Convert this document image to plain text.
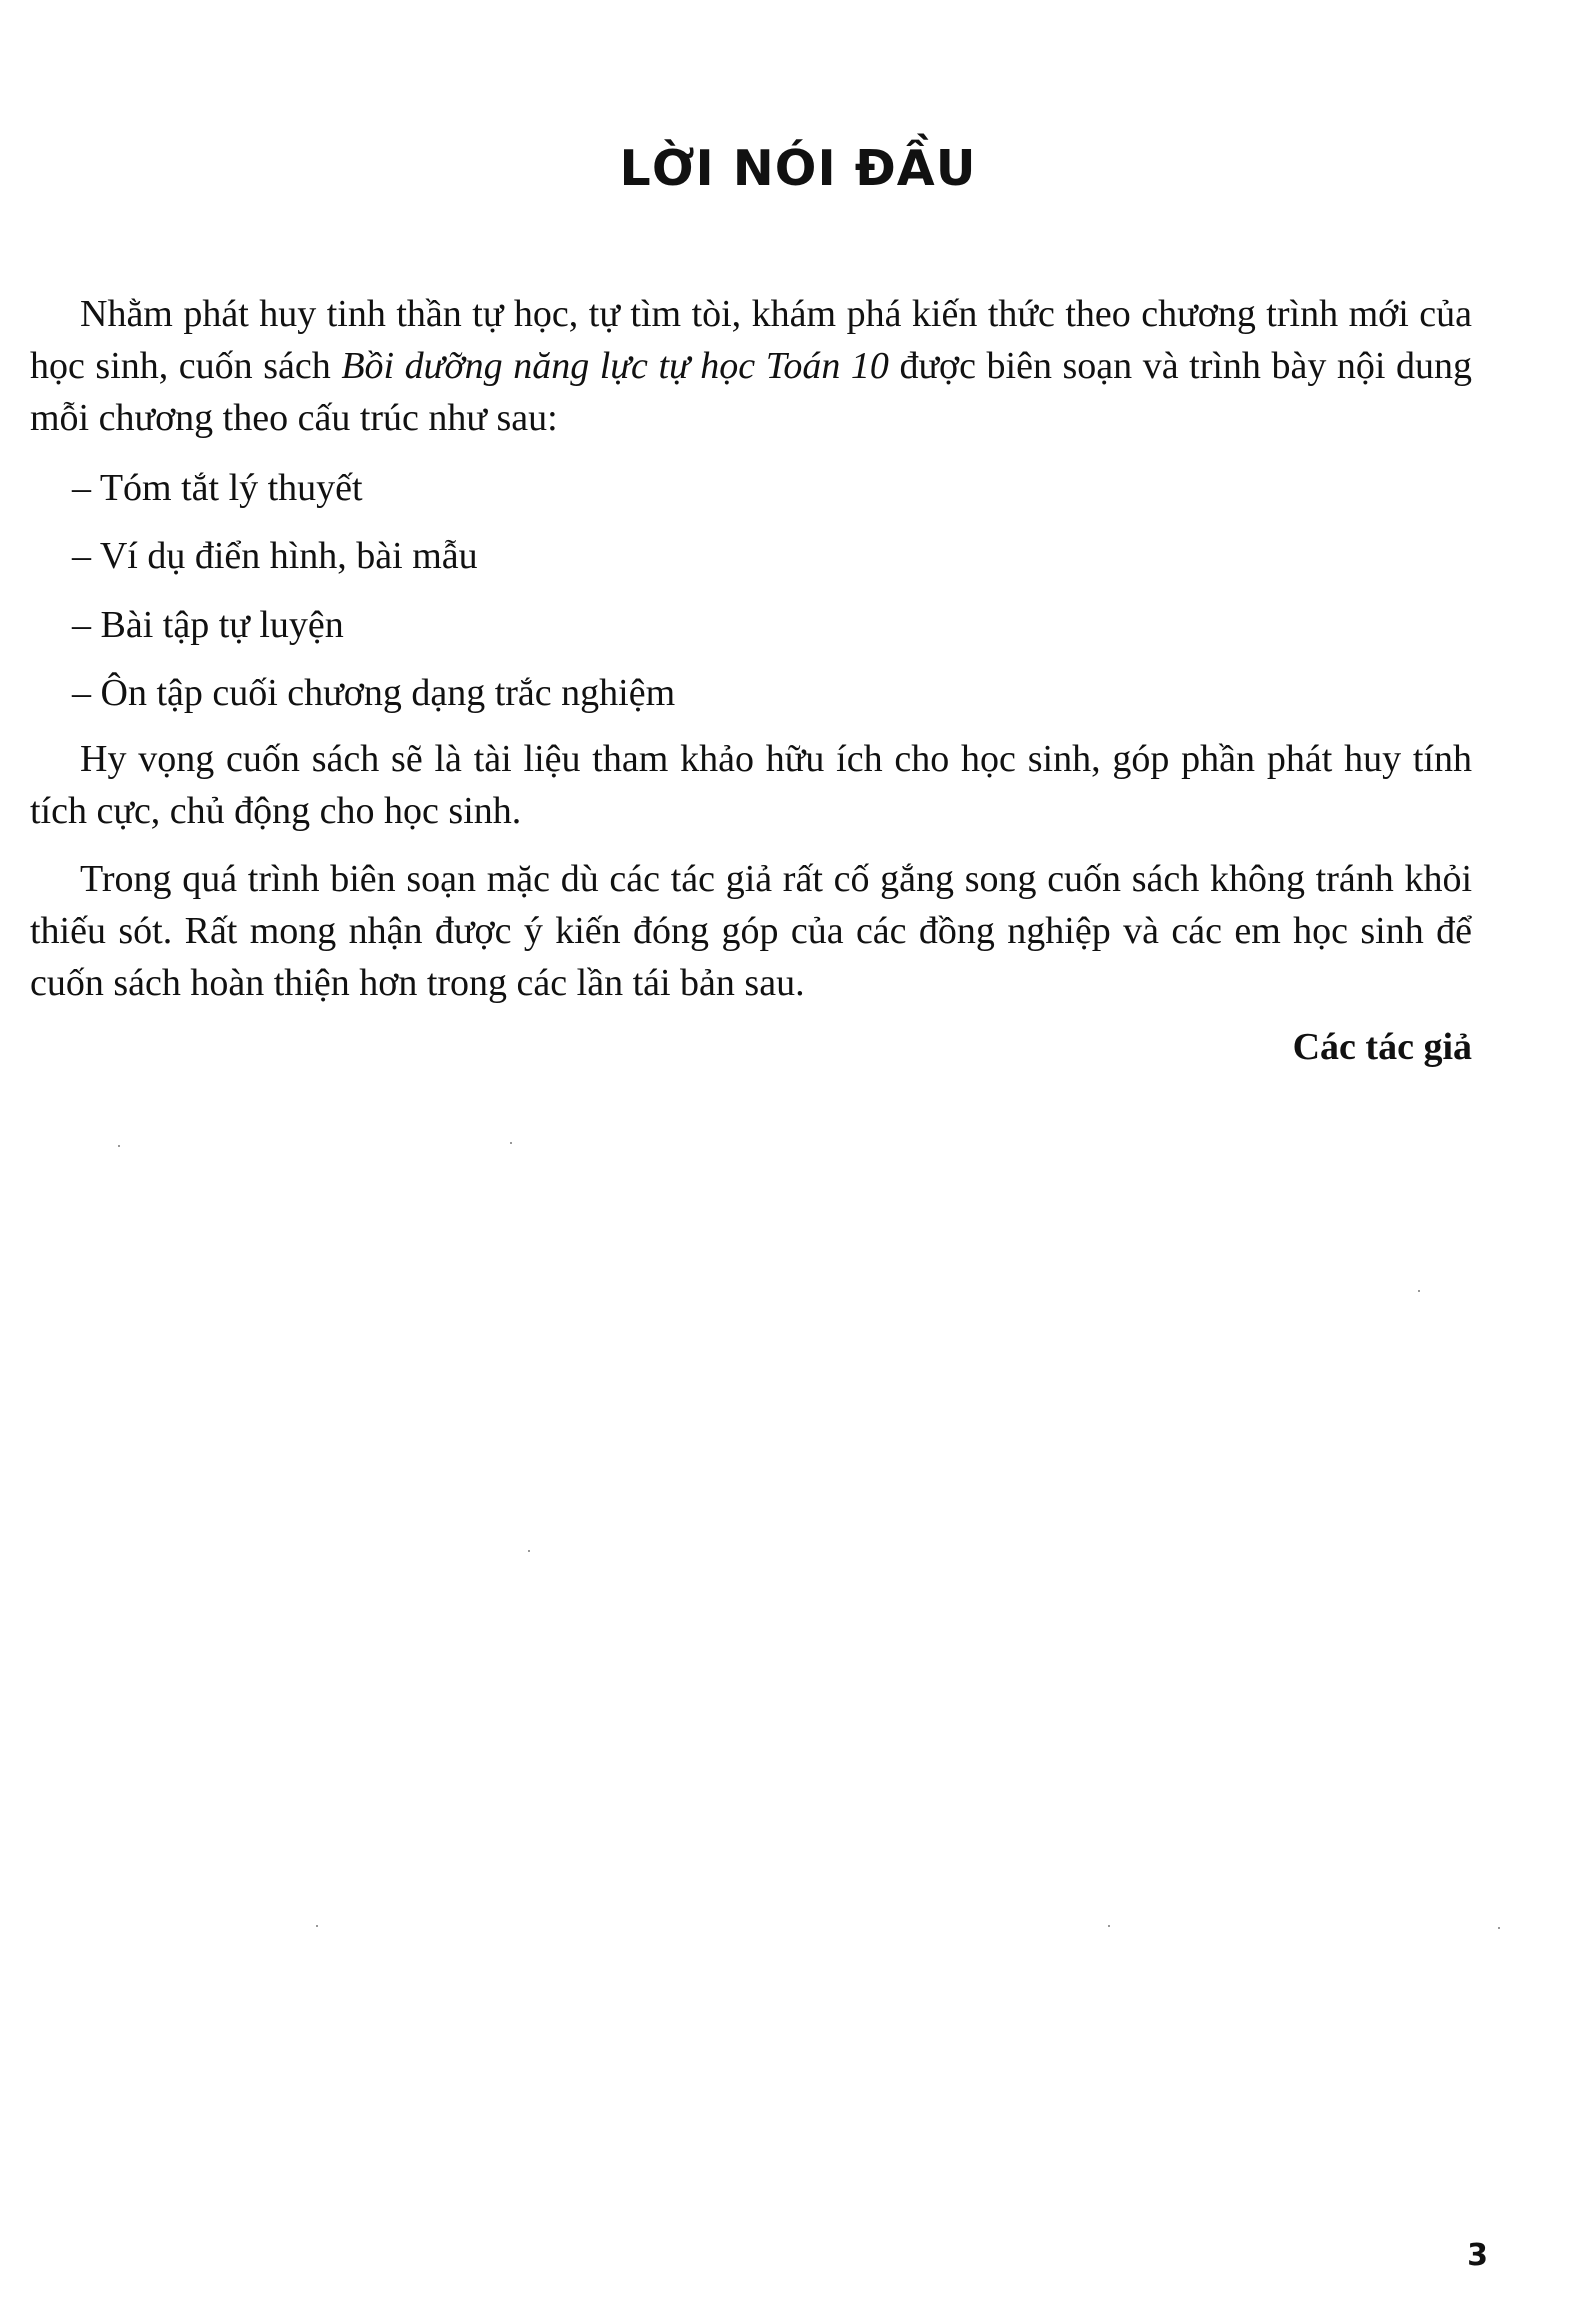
LỜI NÓI ĐẦU

Nhằm phát huy tinh thần tự học, tự tìm tòi, khám phá kiến thức theo chương trình mới của học sinh, cuốn sách Bồi dưỡng năng lực tự học Toán 10 được biên soạn và trình bày nội dung mỗi chương theo cấu trúc như sau:

– Tóm tắt lý thuyết

– Ví dụ điển hình, bài mẫu

– Bài tập tự luyện

– Ôn tập cuối chương dạng trắc nghiệm

Hy vọng cuốn sách sẽ là tài liệu tham khảo hữu ích cho học sinh, góp phần phát huy tính tích cực, chủ động cho học sinh.

Trong quá trình biên soạn mặc dù các tác giả rất cố gắng song cuốn sách không tránh khỏi thiếu sót. Rất mong nhận được ý kiến đóng góp của các đồng nghiệp và các em học sinh để cuốn sách hoàn thiện hơn trong các lần tái bản sau.

Các tác giả

3
